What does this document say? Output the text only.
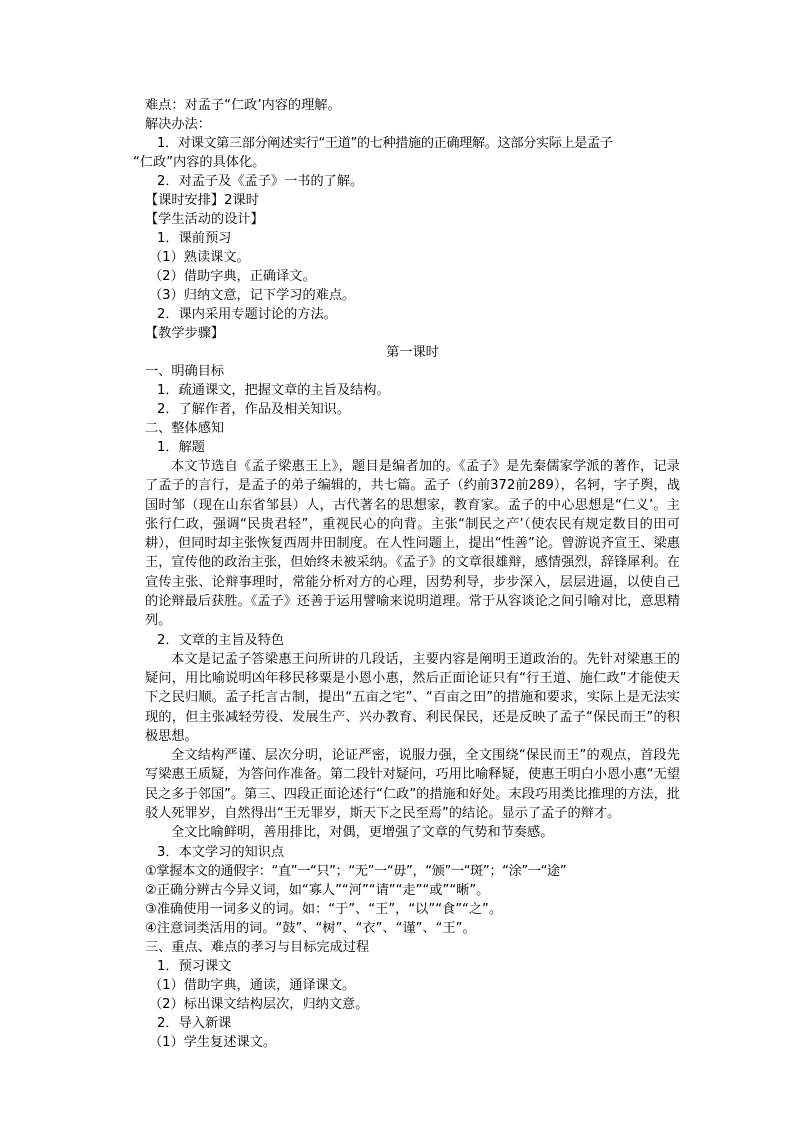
难点：对孟子“仁政’内容的理解。
解决办法：
1．对课文第三部分阐述实行“王道”的七种措施的正确理解。这部分实际上是孟子
“仁政”内容的具体化。
2．对孟子及《孟子》一书的了解。
【课时安排】2课时
【学生活动的设计】
1．课前预习
（1）熟读课文。
（2）借助字典，正确译文。
（3）归纳文意，记下学习的难点。
2．课内采用专题讨论的方法。
【教学步骤】
第一课时
一、明确目标
1．疏通课文，把握文章的主旨及结构。
2．了解作者，作品及相关知识。
二、整体感知
1．解题
本文节选自《孟子梁惠王上》，题目是编者加的。《孟子》是先秦儒家学派的著作，记录了孟子的言行，是孟子的弟子编辑的，共七篇。孟子（约前372前289），名轲，字子舆，战国时邹（现在山东省邹县）人，古代著名的思想家，教育家。孟子的中心思想是“仁义’。主张行仁政，强调“民贵君轻”，重视民心的向背。主张“制民之产’（使农民有规定数目的田可耕），但同时却主张恢复西周井田制度。在人性问题上，提出“性善”论。曾游说齐宣王、梁惠王，宣传他的政治主张，但始终未被采纳。《孟子》的文章很雄辩，感情强烈，辞锋犀利。在宣传主张、论辩事理时，常能分析对方的心理，因势利导，步步深入，层层进逼，以使自己的论辩最后获胜。《孟子》还善于运用譬喻来说明道理。常于从容谈论之间引喻对比，意思精列。
2．文章的主旨及特色
本文是记孟子答梁惠王问所讲的几段话，主要内容是阐明王道政治的。先针对梁惠王的疑问，用比喻说明凶年移民移粟是小恩小惠，然后正面论证只有“行王道、施仁政”才能使天下之民归顺。孟子托言古制，提出“五亩之宅”、“百亩之田”的措施和要求，实际上是无法实现的，但主张减轻劳役、发展生产、兴办教育、利民保民，还是反映了孟子“保民而王”的积极思想。
全文结构严谨、层次分明，论证严密，说服力强，全文围绕“保民而王”的观点，首段先写梁惠王质疑，为答问作准备。第二段针对疑问，巧用比喻释疑，使惠王明白小恩小惠“无望民之多于邻国”。第三、四段正面论述行“仁政”的措施和好处。末段巧用类比推理的方法，批驳人死罪岁，自然得出“王无罪岁，斯天下之民至焉”的结论。显示了孟子的辩才。
全文比喻鲜明，善用排比，对偶，更增强了文章的气势和节奏感。
3．本文学习的知识点
①掌握本文的通假字：“直”一“只”；“无”一“毋”，“颁”一“斑”；“涂”一“途”
②正确分辨古今异义词，如“寡人”“河”“请”“走”“或”“晰”。
③准确使用一词多义的词。如：“于”、“王”，“以”“食”“之”。
④注意词类活用的词。“鼓”、“树”、“衣”、“谨”、“王”。
三、重点、难点的孝习与目标完成过程
1．预习课文
（1）借助字典，通读，通译课文。
（2）标出课文结构层次，归纳文意。
2．导入新课
（1）学生复述课文。
